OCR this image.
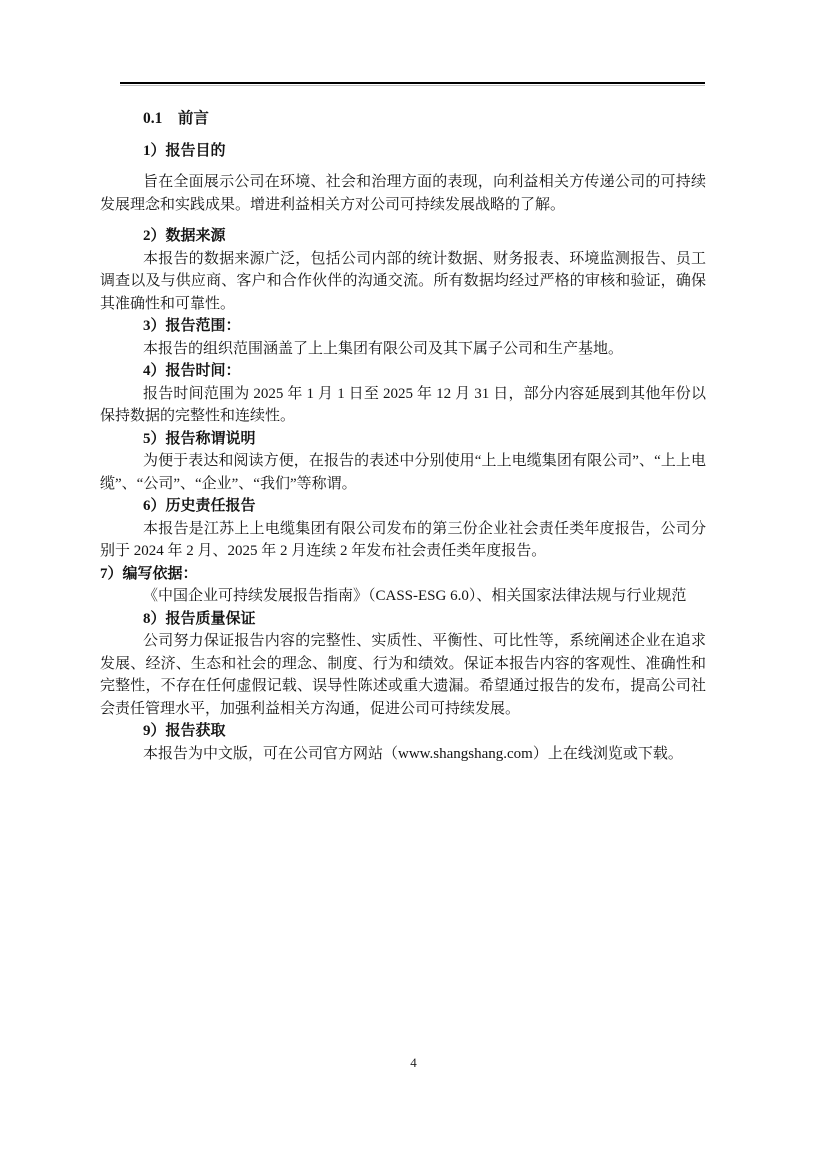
0.1　前言
1）报告目的
旨在全面展示公司在环境、社会和治理方面的表现，向利益相关方传递公司的可持续发展理念和实践成果。增进利益相关方对公司可持续发展战略的了解。
2）数据来源
本报告的数据来源广泛，包括公司内部的统计数据、财务报表、环境监测报告、员工调查以及与供应商、客户和合作伙伴的沟通交流。所有数据均经过严格的审核和验证，确保其准确性和可靠性。
3）报告范围：
本报告的组织范围涵盖了上上集团有限公司及其下属子公司和生产基地。
4）报告时间：
报告时间范围为 2025 年 1 月 1 日至 2025 年 12 月 31 日，部分内容延展到其他年份以保持数据的完整性和连续性。
5）报告称谓说明
为便于表达和阅读方便，在报告的表述中分别使用“上上电缆集团有限公司”、“上上电缆”、“公司”、“企业”、“我们”等称谓。
6）历史责任报告
本报告是江苏上上电缆集团有限公司发布的第三份企业社会责任类年度报告，公司分别于 2024 年 2 月、2025 年 2 月连续 2 年发布社会责任类年度报告。
7）编写依据：
《中国企业可持续发展报告指南》（CASS-ESG 6.0）、相关国家法律法规与行业规范
8）报告质量保证
公司努力保证报告内容的完整性、实质性、平衡性、可比性等，系统阐述企业在追求发展、经济、生态和社会的理念、制度、行为和绩效。保证本报告内容的客观性、准确性和完整性，不存在任何虚假记载、误导性陈述或重大遗漏。希望通过报告的发布，提高公司社会责任管理水平，加强利益相关方沟通，促进公司可持续发展。
9）报告获取
本报告为中文版，可在公司官方网站（www.shangshang.com）上在线浏览或下载。
4
